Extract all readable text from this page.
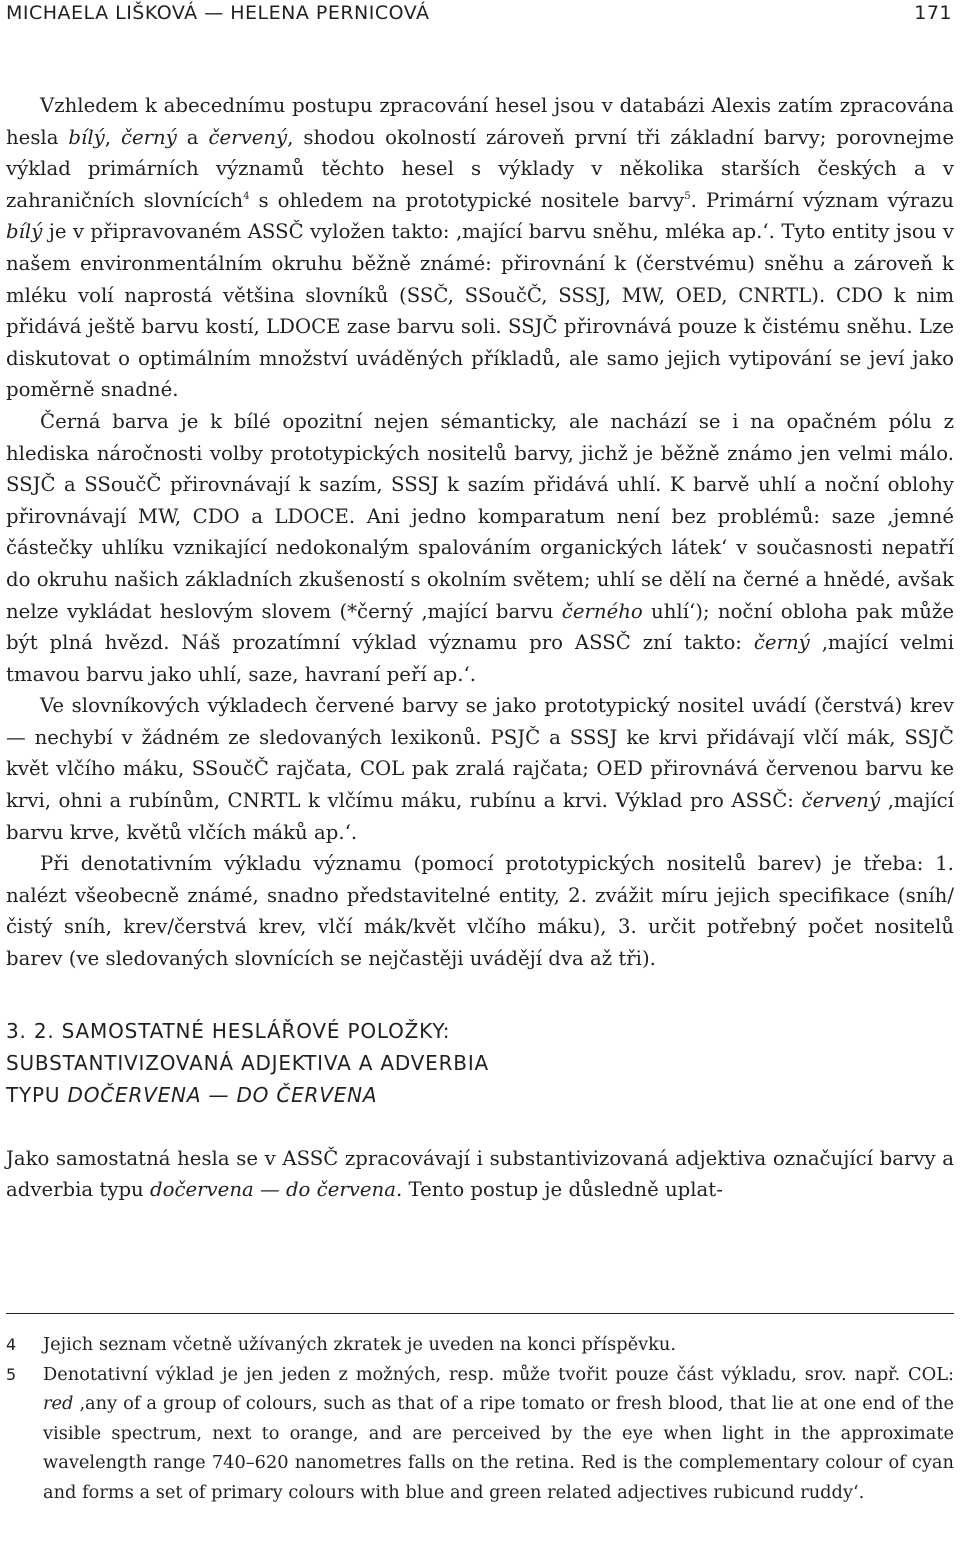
MICHAELA LIŠKOVÁ — HELENA PERNICOVÁ	171

Vzhledem k abecednímu postupu zpracování hesel jsou v databázi Alexis zatím zpracována hesla bílý, černý a červený, shodou okolností zároveň první tři základní barvy; porovnejme výklad primárních významů těchto hesel s výklady v několika starších českých a v zahraničních slovnících$^4$ s ohledem na prototypické nositele barvy$^5$. Primární význam výrazu bílý je v připravovaném ASSČ vyložen takto: ‚mající barvu sněhu, mléka ap.‘. Tyto entity jsou v našem environmentálním okruhu běžně známé: přirovnání k (čerstvému) sněhu a zároveň k mléku volí naprostá většina slovníků (SSČ, SSoučČ, SSSJ, MW, OED, CNRTL). CDO k nim přidává ještě barvu kostí, LDOCE zase barvu soli. SSJČ přirovnává pouze k čistému sněhu. Lze diskutovat o optimálním množství uváděných příkladů, ale samo jejich vytipování se jeví jako poměrně snadné.

Černá barva je k bílé opozitní nejen sémanticky, ale nachází se i na opačném pólu z hlediska náročnosti volby prototypických nositelů barvy, jichž je běžně známo jen velmi málo. SSJČ a SSoučČ přirovnávají k sazím, SSSJ k sazím přidává uhlí. K barvě uhlí a noční oblohy přirovnávají MW, CDO a LDOCE. Ani jedno komparatum není bez problémů: saze ‚jemné částečky uhlíku vznikající nedokonalým spalováním organických látek‘ v současnosti nepatří do okruhu našich základních zkušeností s okolním světem; uhlí se dělí na černé a hnědé, avšak nelze vykládat heslovým slovem (*černý ‚mající barvu černého uhlí‘); noční obloha pak může být plná hvězd. Náš prozatímní výklad významu pro ASSČ zní takto: černý ‚mající velmi tmavou barvu jako uhlí, saze, havraní peří ap.‘.

Ve slovníkových výkladech červené barvy se jako prototypický nositel uvádí (čerstvá) krev — nechybí v žádném ze sledovaných lexikonů. PSJČ a SSSJ ke krvi přidávají vlčí mák, SSJČ květ vlčího máku, SSoučČ rajčata, COL pak zralá rajčata; OED přirovnává červenou barvu ke krvi, ohni a rubínům, CNRTL k vlčímu máku, rubínu a krvi. Výklad pro ASSČ: červený ‚mající barvu krve, květů vlčích máků ap.‘.

Při denotativním výkladu významu (pomocí prototypických nositelů barev) je třeba: 1. nalézt všeobecně známé, snadno představitelné entity, 2. zvážit míru jejich specifikace (sníh/čistý sníh, krev/čerstvá krev, vlčí mák/květ vlčího máku), 3. určit potřebný počet nositelů barev (ve sledovaných slovnících se nejčastěji uvádějí dva až tři).

3. 2. SAMOSTATNÉ HESLÁŘOVÉ POLOŽKY:
SUBSTANTIVIZOVANÁ ADJEKTIVA A ADVERBIA
TYPU DOČERVENA — DO ČERVENA

Jako samostatná hesla se v ASSČ zpracovávají i substantivizovaná adjektiva označující barvy a adverbia typu dočervena — do červena. Tento postup je důsledně uplat-

4	Jejich seznam včetně užívaných zkratek je uveden na konci příspěvku.
5	Denotativní výklad je jen jeden z možných, resp. může tvořit pouze část výkladu, srov. např. COL: red ‚any of a group of colours, such as that of a ripe tomato or fresh blood, that lie at one end of the visible spectrum, next to orange, and are perceived by the eye when light in the approximate wavelength range 740–620 nanometres falls on the retina. Red is the complementary colour of cyan and forms a set of primary colours with blue and green related adjectives rubicund ruddy‘.
